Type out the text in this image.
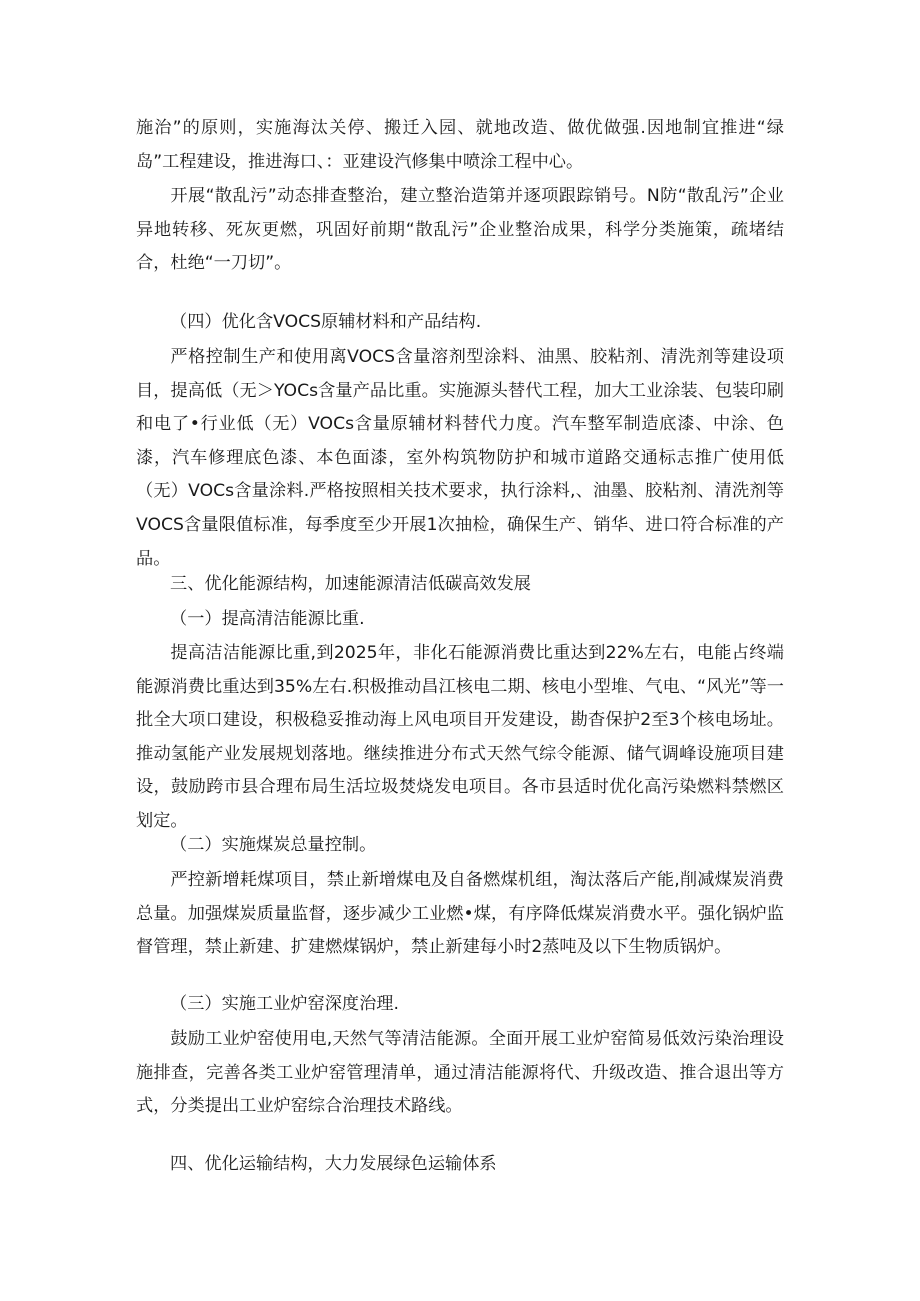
施治”的原则，实施海汰关停、搬迁入园、就地改造、做优做强.因地制宜推进“绿岛”工程建设，推进海口、：亚建设汽修集中喷涂工程中心。

开展“散乱污”动态排查整治，建立整治造第并逐项跟踪销号。N防“散乱污”企业异地转移、死灰更燃，巩固好前期“散乱污”企业整治成果，科学分类施策，疏堵结合，杜绝“一刀切”。

（四）优化含VOCS原辅材料和产品结构.

严格控制生产和使用离VOCS含量溶剂型涂料、油黑、胶粘剂、清洗剂等建设项目，提高低（无＞YOCs含量产品比重。实施源头替代工程，加大工业涂装、包装印刷和电了•行业低（无）VOCs含量原辅材料替代力度。汽车整军制造底漆、中涂、色漆，汽车修理底色漆、本色面漆，室外构筑物防护和城市道路交通标志推广使用低（无）VOCs含量涂料.严格按照相关技术要求，执行涂料,、油墨、胶粘剂、清洗剂等VOCS含量限值标准，每季度至少开展1次抽检，确保生产、销华、进口符合标准的产品。

三、优化能源结构，加速能源清洁低碳高效发展

（一）提高清洁能源比重.

提高洁洁能源比重,到2025年，非化石能源消费比重达到22%左右，电能占终端能源消费比重达到35%左右.积极推动昌江核电二期、核电小型堆、气电、“风光”等一批全大项口建设，积极稳妥推动海上风电项目开发建设，勘杳保护2至3个核电场址。推动氢能产业发展规划落地。继续推进分布式天然气综令能源、储气调峰设施项目建设，鼓励跨市县合理布局生活垃圾焚烧发电项目。各市县适时优化高污染燃料禁燃区划定。

（二）实施煤炭总量控制。

严控新增耗煤项目，禁止新增煤电及自备燃煤机组，淘汰落后产能,削减煤炭消费总量。加强煤炭质量监督，逐步减少工业燃•煤，有序降低煤炭消费水平。强化锅炉监督管理，禁止新建、扩建燃煤锅炉，禁止新建每小时2蒸吨及以下生物质锅炉。

（三）实施工业炉窑深度治理.

鼓励工业炉窑使用电,天然气等清洁能源。全面开展工业炉窑简易低效污染治理设施排查，完善各类工业炉窑管理清单，通过清洁能源将代、升级改造、推合退出等方式，分类提出工业炉窑综合治理技术路线。

四、优化运输结构，大力发展绿色运输体系
